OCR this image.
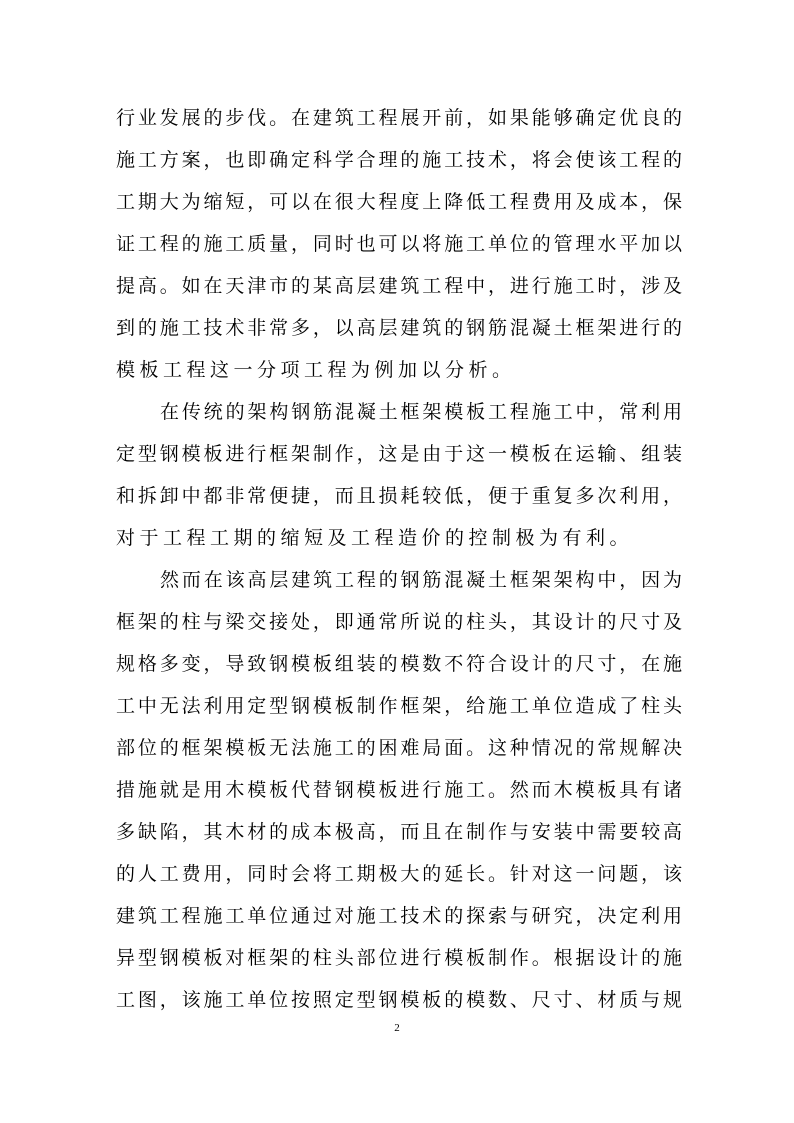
行业发展的步伐。在建筑工程展开前，如果能够确定优良的
施工方案，也即确定科学合理的施工技术，将会使该工程的
工期大为缩短，可以在很大程度上降低工程费用及成本，保
证工程的施工质量，同时也可以将施工单位的管理水平加以
提高。如在天津市的某高层建筑工程中，进行施工时，涉及
到的施工技术非常多，以高层建筑的钢筋混凝土框架进行的
模板工程这一分项工程为例加以分析。
在传统的架构钢筋混凝土框架模板工程施工中，常利用
定型钢模板进行框架制作，这是由于这一模板在运输、组装
和拆卸中都非常便捷，而且损耗较低，便于重复多次利用，
对于工程工期的缩短及工程造价的控制极为有利。
然而在该高层建筑工程的钢筋混凝土框架架构中，因为
框架的柱与梁交接处，即通常所说的柱头，其设计的尺寸及
规格多变，导致钢模板组装的模数不符合设计的尺寸，在施
工中无法利用定型钢模板制作框架，给施工单位造成了柱头
部位的框架模板无法施工的困难局面。这种情况的常规解决
措施就是用木模板代替钢模板进行施工。然而木模板具有诸
多缺陷，其木材的成本极高，而且在制作与安装中需要较高
的人工费用，同时会将工期极大的延长。针对这一问题，该
建筑工程施工单位通过对施工技术的探索与研究，决定利用
异型钢模板对框架的柱头部位进行模板制作。根据设计的施
工图，该施工单位按照定型钢模板的模数、尺寸、材质与规
2
